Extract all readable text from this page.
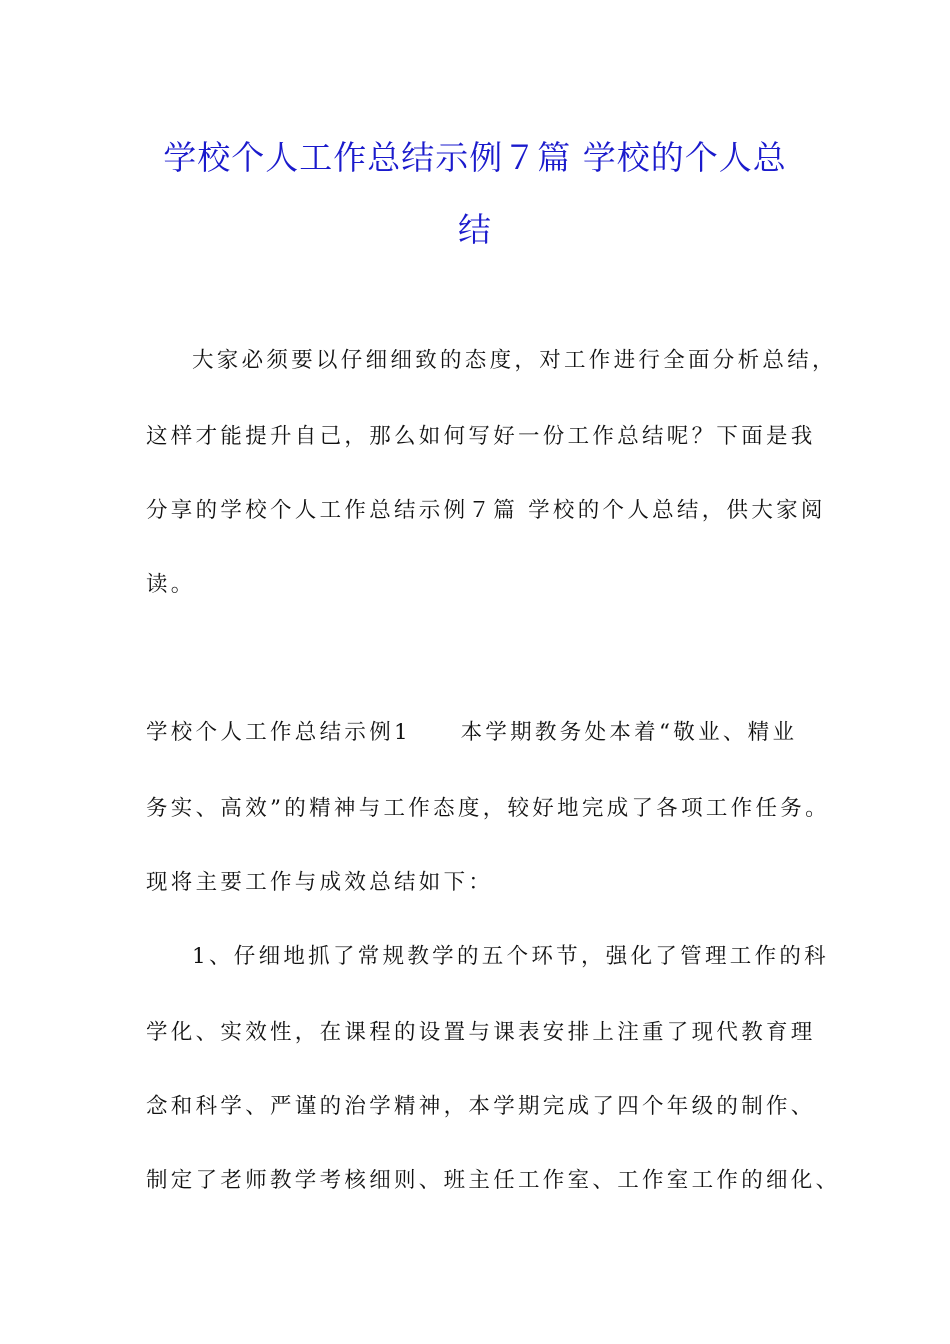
学校个人工作总结示例７篇 学校的个人总
结

大家必须要以仔细细致的态度，对工作进行全面分析总结，

这样才能提升自己，那么如何写好一份工作总结呢？下面是我

分享的学校个人工作总结示例７篇 学校的个人总结，供大家阅

读。

学校个人工作总结示例1　　本学期教务处本着“敬业、精业

务实、高效”的精神与工作态度，较好地完成了各项工作任务。

现将主要工作与成效总结如下：

1、仔细地抓了常规教学的五个环节，强化了管理工作的科

学化、实效性，在课程的设置与课表安排上注重了现代教育理

念和科学、严谨的治学精神，本学期完成了四个年级的制作、

制定了老师教学考核细则、班主任工作室、工作室工作的细化、
